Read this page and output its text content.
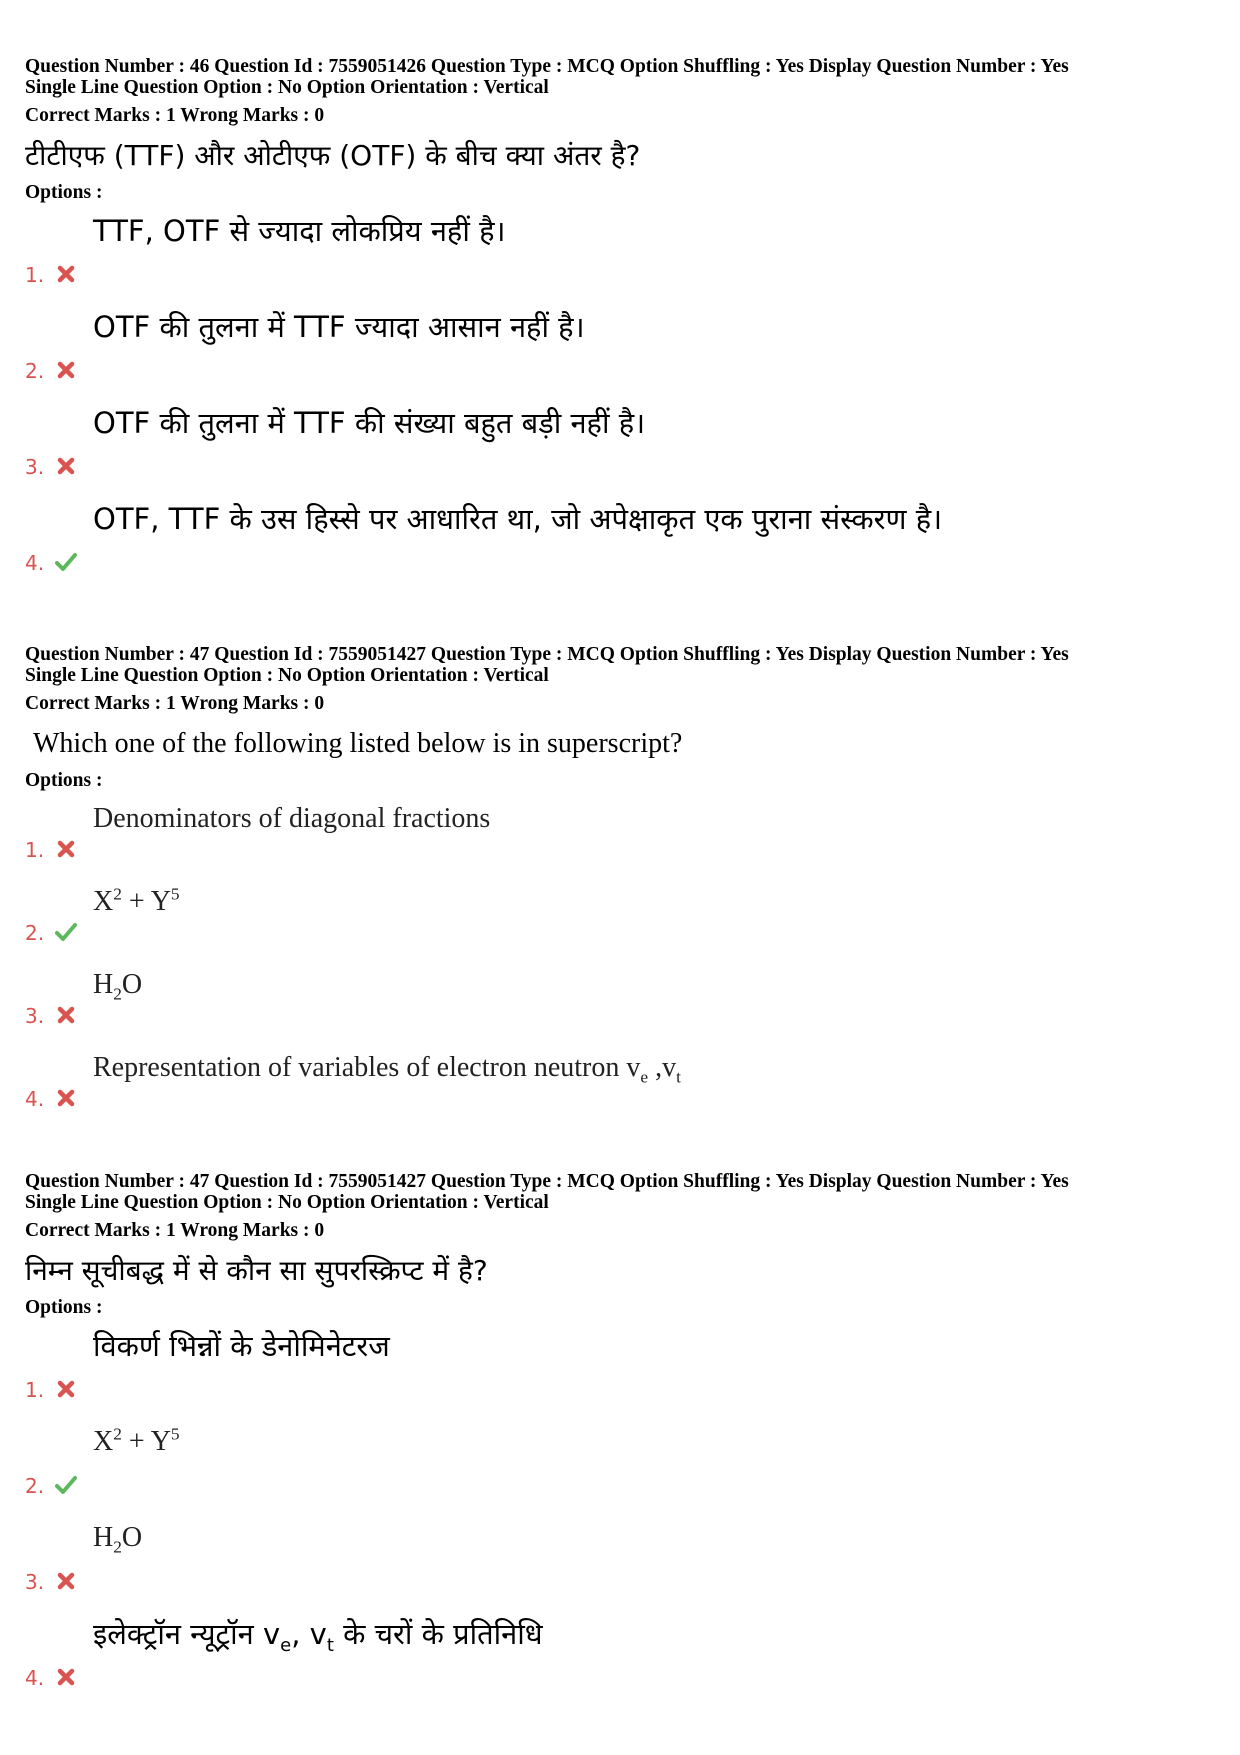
Question Number : 46 Question Id : 7559051426 Question Type : MCQ Option Shuffling : Yes Display Question Number : Yes
Single Line Question Option : No Option Orientation : Vertical
Correct Marks : 1 Wrong Marks : 0
टीटीएफ (TTF) और ओटीएफ (OTF) के बीच क्या अंतर है?
Options :
1.
TTF, OTF से ज्यादा लोकप्रिय नहीं है।
2.
OTF की तुलना में TTF ज्यादा आसान नहीं है।
3.
OTF की तुलना में TTF की संख्या बहुत बड़ी नहीं है।
4.
OTF, TTF के उस हिस्से पर आधारित था, जो अपेक्षाकृत एक पुराना संस्करण है।
Question Number : 47 Question Id : 7559051427 Question Type : MCQ Option Shuffling : Yes Display Question Number : Yes
Single Line Question Option : No Option Orientation : Vertical
Correct Marks : 1 Wrong Marks : 0
Which one of the following listed below is in superscript?
Options :
1.
Denominators of diagonal fractions
2.
$X^2 + Y^5$
3.
$H_2O$
4.
Representation of variables of electron neutron $v_e$ $,v_t$
Question Number : 47 Question Id : 7559051427 Question Type : MCQ Option Shuffling : Yes Display Question Number : Yes
Single Line Question Option : No Option Orientation : Vertical
Correct Marks : 1 Wrong Marks : 0
निम्न सूचीबद्ध में से कौन सा सुपरस्क्रिप्ट में है?
Options :
1.
विकर्ण भिन्नों के डेनोमिनेटरज
2.
$X^2 + Y^5$
3.
$H_2O$
4.
इलेक्ट्रॉन न्यूट्रॉन $v_e$, $v_t$ के चरों के प्रतिनिधि
